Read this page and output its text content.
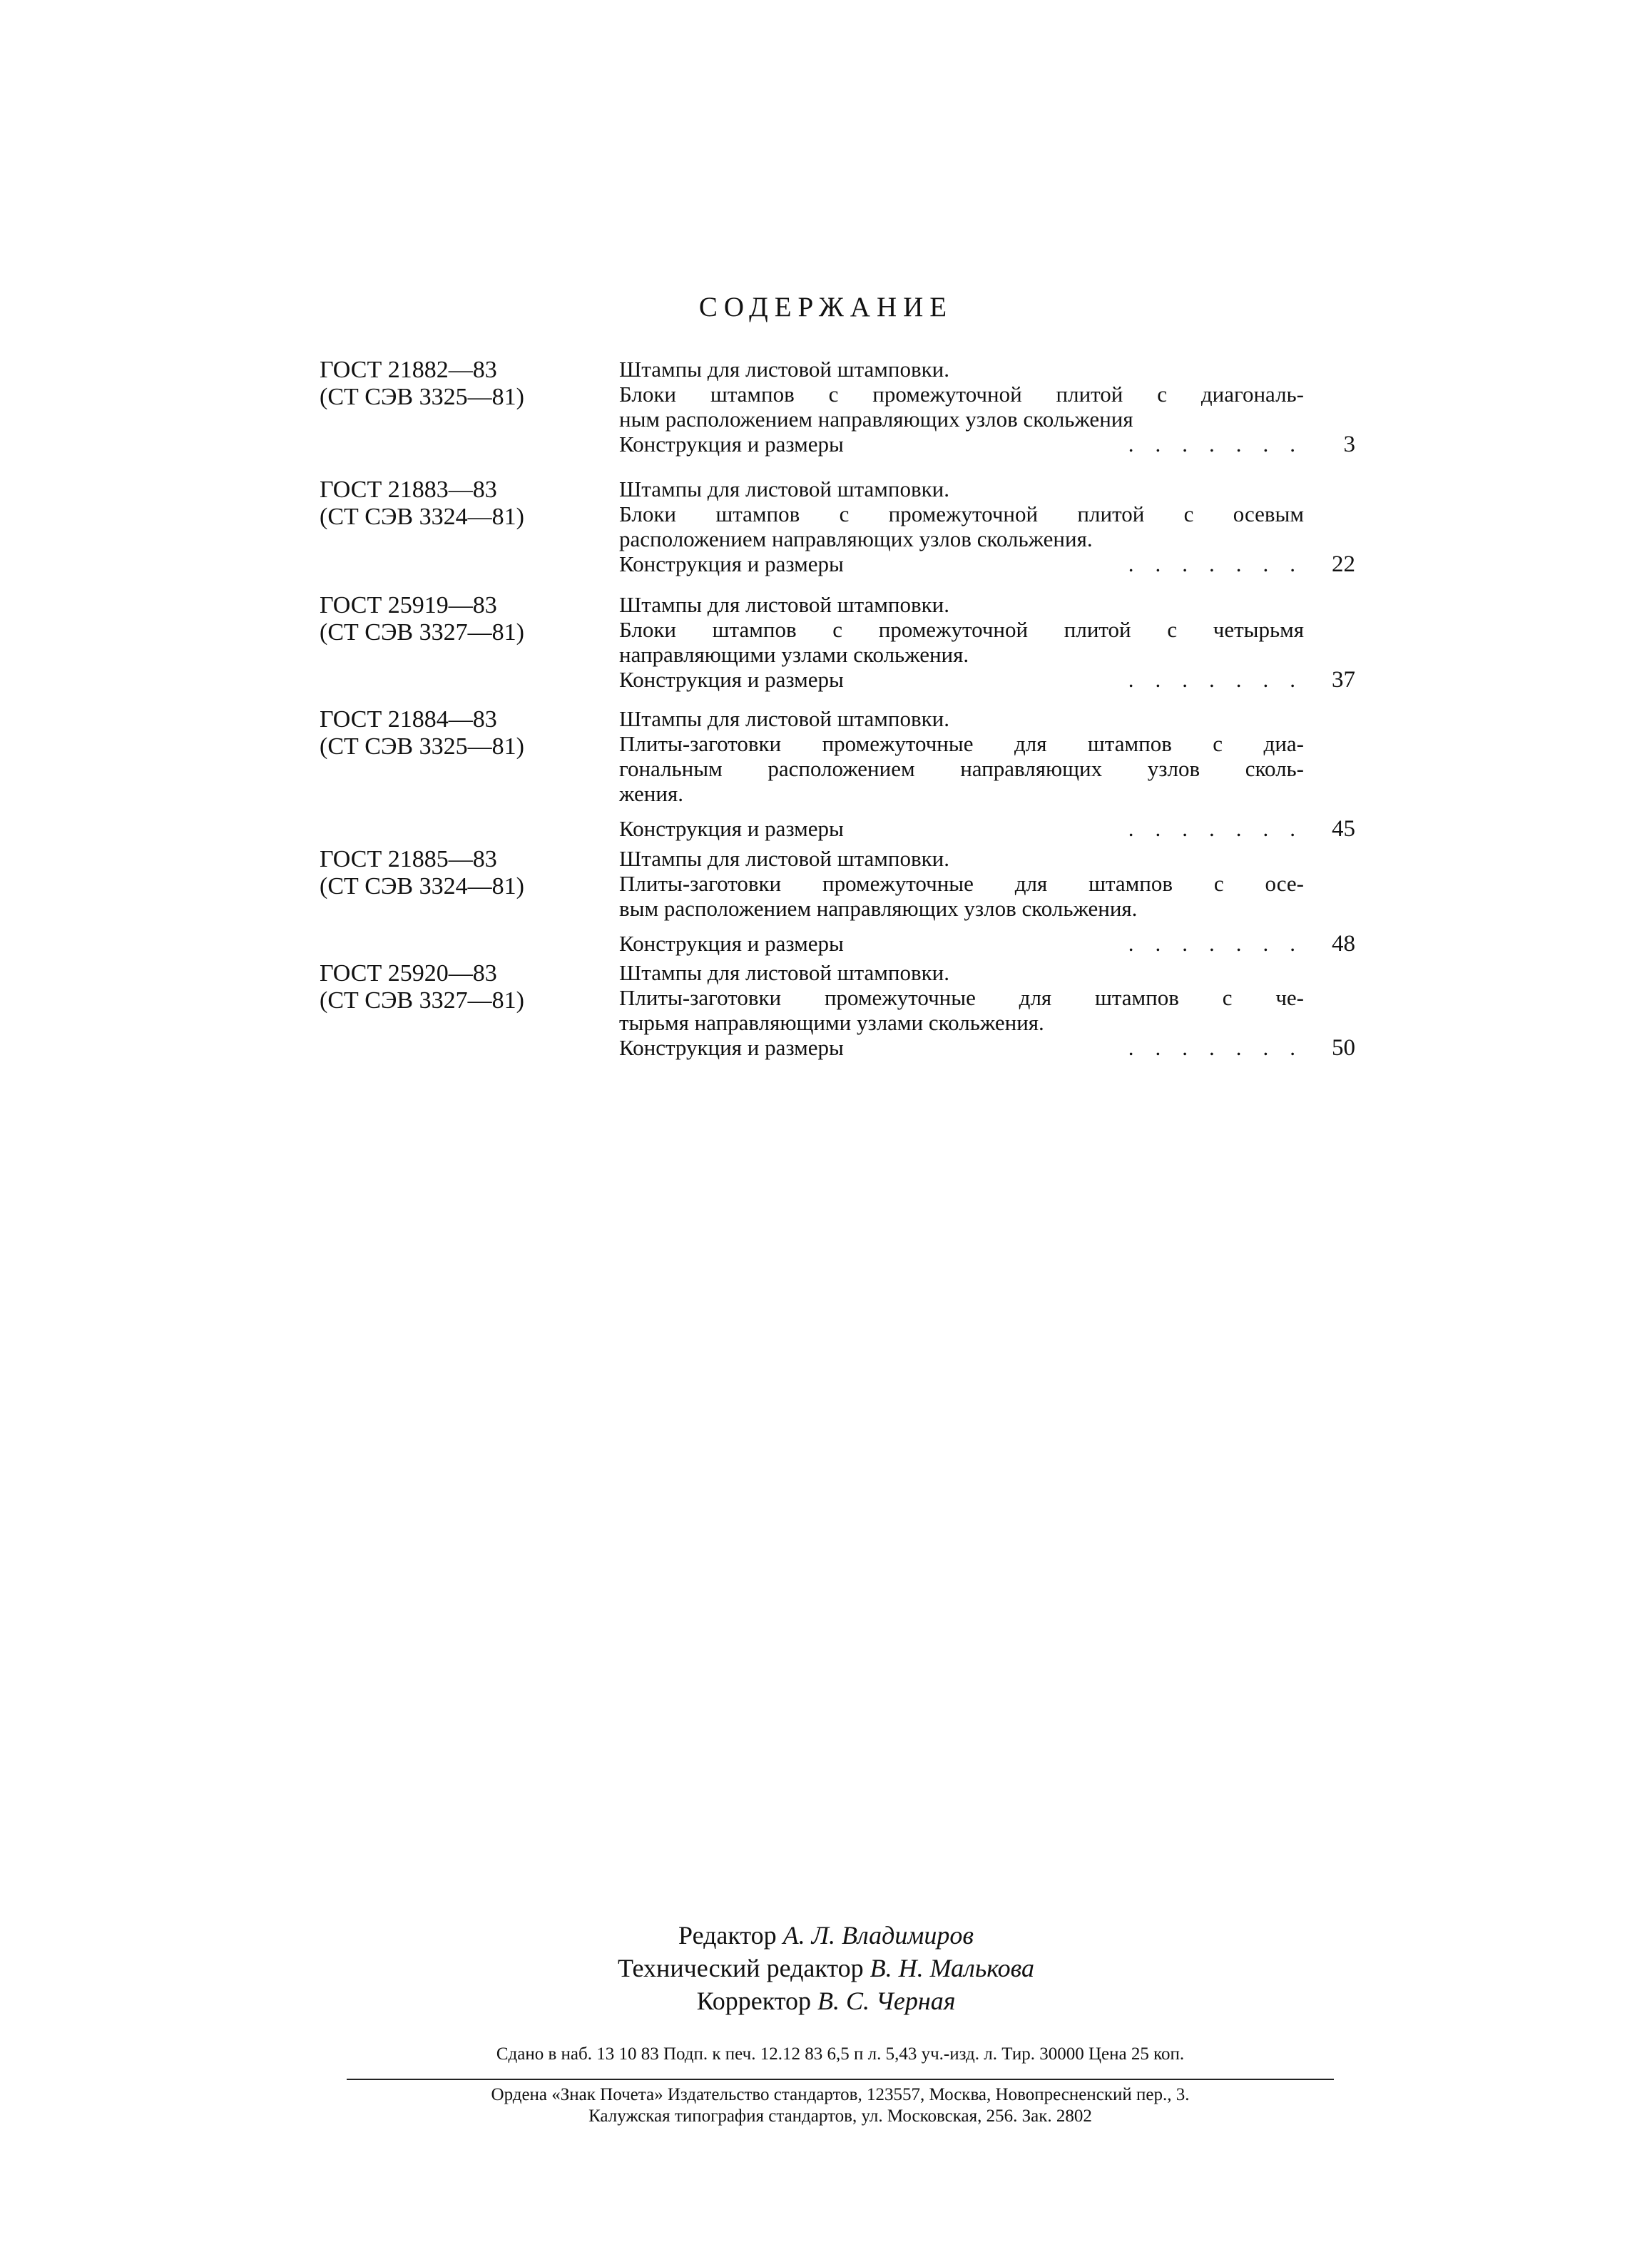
СОДЕРЖАНИЕ
ГОСТ 21882—83
(СТ СЭВ 3325—81)
Штампы для листовой штамповки.
Блоки штампов с промежуточной плитой с диагональ-
ным расположением направляющих узлов скольжения
Конструкция и размеры	.......	3
ГОСТ 21883—83
(СТ СЭВ 3324—81)
Штампы для листовой штамповки.
Блоки штампов с промежуточной плитой с осевым
расположением направляющих узлов скольжения.
Конструкция и размеры	....... 22
ГОСТ 25919—83
(СТ СЭВ 3327—81)
Штампы для листовой штамповки.
Блоки штампов с промежуточной плитой с четырьмя
направляющими узлами скольжения.
Конструкция и размеры	....... 37
ГОСТ 21884—83
(СТ СЭВ 3325—81)
Штампы для листовой штамповки.
Плиты-заготовки промежуточные для штампов с диа-
гональным расположением направляющих узлов сколь-
жения.
Конструкция и размеры	....... 45
ГОСТ 21885—83
(СТ СЭВ 3324—81)
Штампы для листовой штамповки.
Плиты-заготовки промежуточные для штампов с осе-
вым расположением направляющих узлов скольжения.
Конструкция и размеры	....... 48
ГОСТ 25920—83
(СТ СЭВ 3327—81)
Штампы для листовой штамповки.
Плиты-заготовки промежуточные для штампов с че-
тырьмя направляющими узлами скольжения.
Конструкция и размеры	....... 50
Редактор А. Л. Владимиров
Технический редактор В. Н. Малькова
Корректор В. С. Черная
Сдано в наб. 13 10 83 Подп. к печ. 12.12 83 6,5 п л. 5,43 уч.-изд. л. Тир. 30000 Цена 25 коп.
Ордена «Знак Почета» Издательство стандартов, 123557, Москва, Новопресненский пер., 3.
Калужская типография стандартов, ул. Московская, 256. Зак. 2802
